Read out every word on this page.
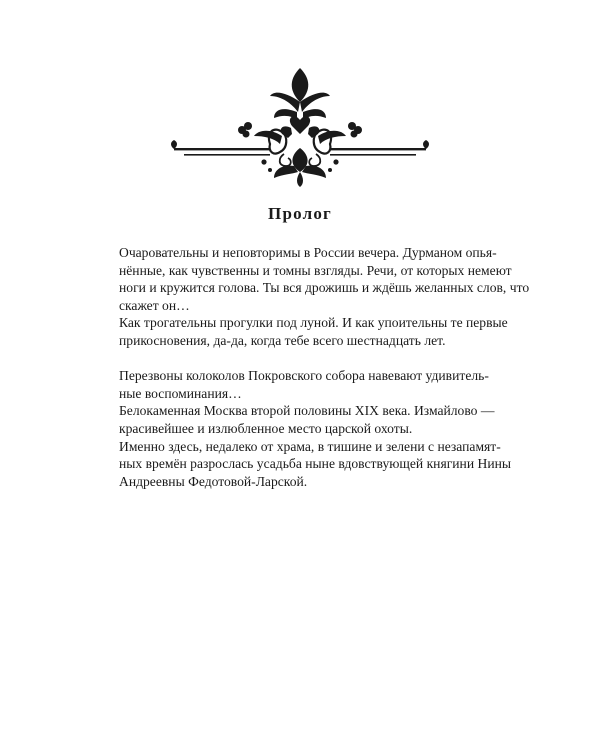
Пролог

Очаровательны и неповторимы в России вечера. Дурманом опья-
нённые, как чувственны и томны взгляды. Речи, от которых немеют
ноги и кружится голова. Ты вся дрожишь и ждёшь желанных слов, что
скажет он…

Как трогательны прогулки под луной. И как упоительны те первые
прикосновения, да-да, когда тебе всего шестнадцать лет.

Перезвоны колоколов Покровского собора навевают удивитель-
ные воспоминания…

Белокаменная Москва второй половины XIX века. Измайлово —
красивейшее и излюбленное место царской охоты.

Именно здесь, недалеко от храма, в тишине и зелени с незапамят-
ных времён разрослась усадьба ныне вдовствующей княгини Нины
Андреевны Федотовой-Ларской.
